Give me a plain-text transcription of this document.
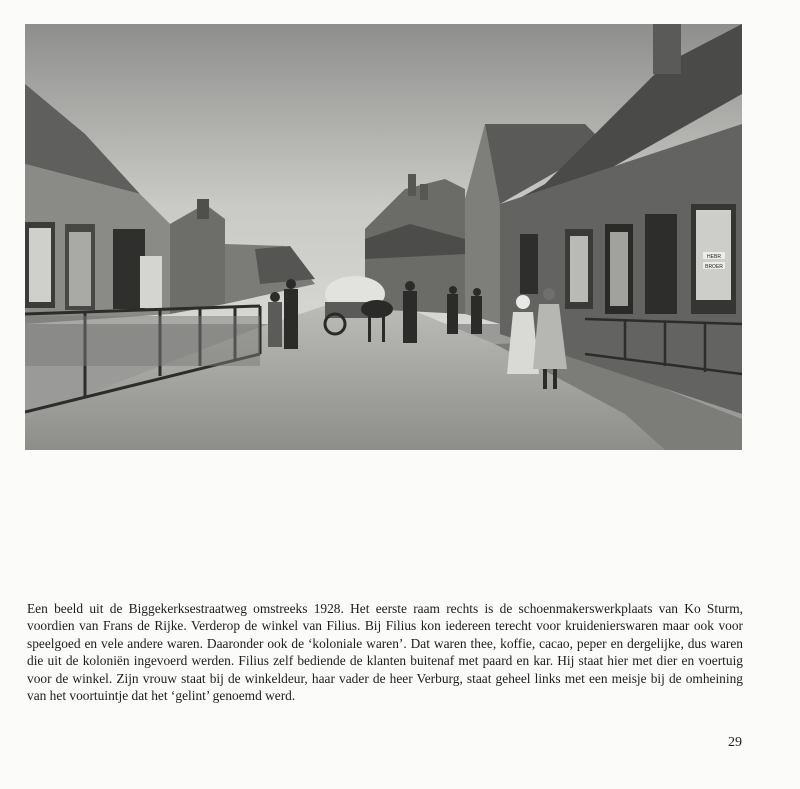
HEBR
BROER

Een beeld uit de Biggekerksestraatweg omstreeks 1928. Het eerste raam rechts is de schoenmakerswerkplaats van Ko Sturm, voordien van Frans de Rijke. Verderop de winkel van Filius. Bij Filius kon iedereen terecht voor kruidenierswaren maar ook voor speelgoed en vele andere waren. Daaronder ook de ‘koloniale waren’. Dat waren thee, koffie, cacao, peper en dergelijke, dus waren die uit de koloniën ingevoerd werden. Filius zelf bediende de klanten buitenaf met paard en kar. Hij staat hier met dier en voertuig voor de winkel. Zijn vrouw staat bij de winkeldeur, haar vader de heer Verburg, staat geheel links met een meisje bij de omheining van het voortuintje dat het ‘gelint’ genoemd werd.

29
